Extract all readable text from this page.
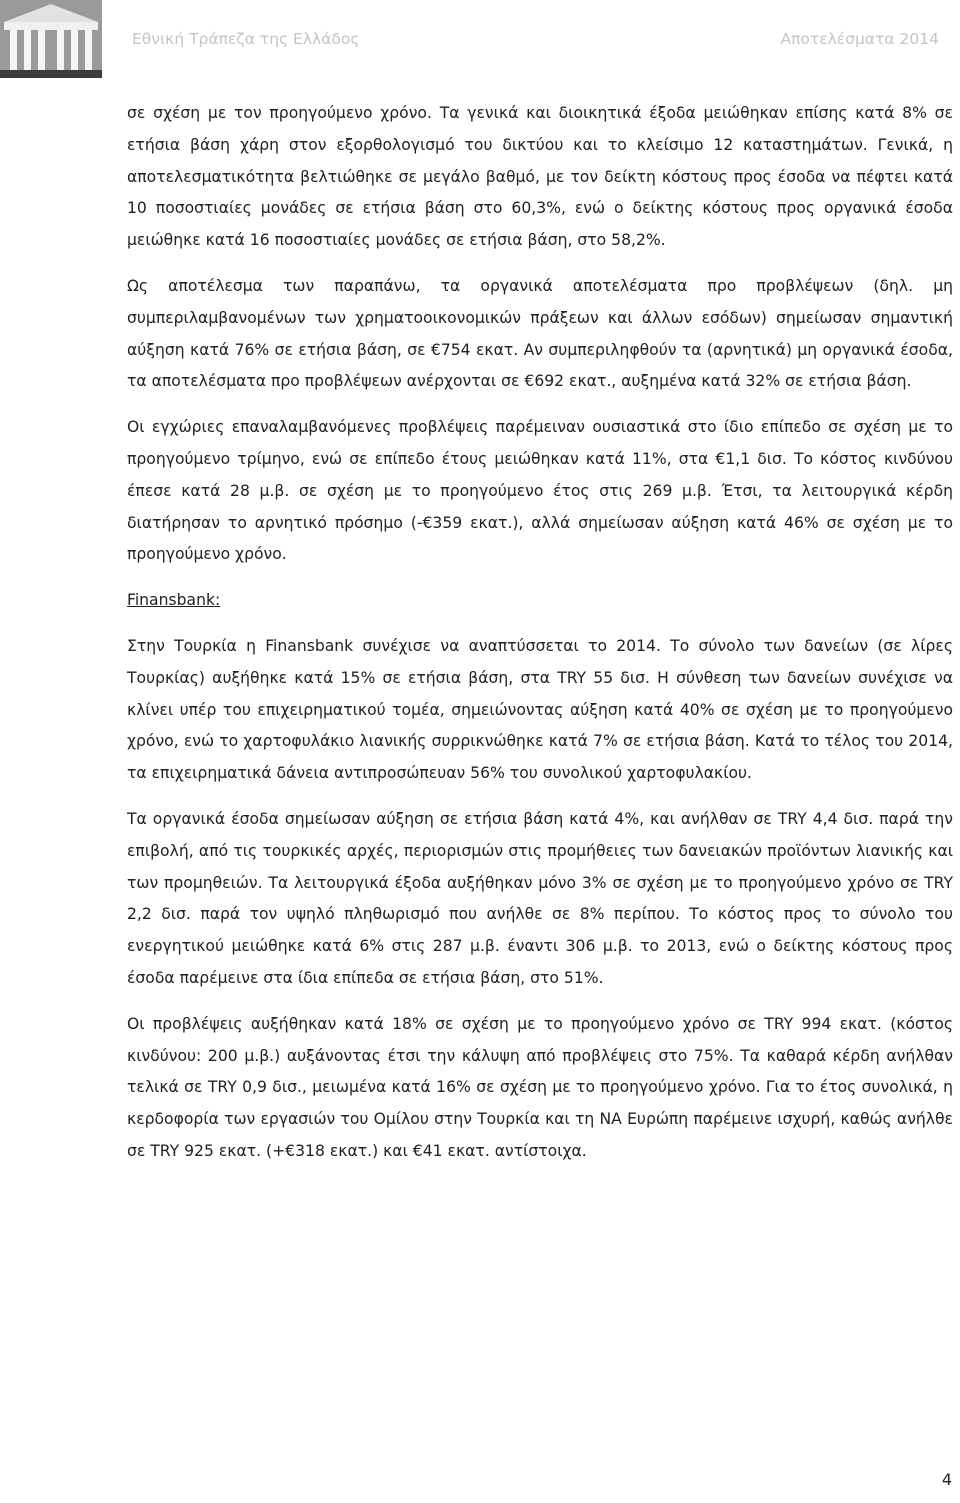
Εθνική Τράπεζα της Ελλάδος	Αποτελέσματα 2014

σε σχέση με τον προηγούμενο χρόνο. Τα γενικά και διοικητικά έξοδα μειώθηκαν επίσης κατά 8% σε ετήσια βάση χάρη στον εξορθολογισμό του δικτύου και το κλείσιμο 12 καταστημάτων. Γενικά, η αποτελεσματικότητα βελτιώθηκε σε μεγάλο βαθμό, με τον δείκτη κόστους προς έσοδα να πέφτει κατά 10 ποσοστιαίες μονάδες σε ετήσια βάση στο 60,3%, ενώ ο δείκτης κόστους προς οργανικά έσοδα μειώθηκε κατά 16 ποσοστιαίες μονάδες σε ετήσια βάση, στο 58,2%.

Ως αποτέλεσμα των παραπάνω, τα οργανικά αποτελέσματα προ προβλέψεων (δηλ. μη συμπεριλαμβανομένων των χρηματοοικονομικών πράξεων και άλλων εσόδων) σημείωσαν σημαντική αύξηση κατά 76% σε ετήσια βάση, σε €754 εκατ. Αν συμπεριληφθούν τα (αρνητικά) μη οργανικά έσοδα, τα αποτελέσματα προ προβλέψεων ανέρχονται σε €692 εκατ., αυξημένα κατά 32% σε ετήσια βάση.

Οι εγχώριες επαναλαμβανόμενες προβλέψεις παρέμειναν ουσιαστικά στο ίδιο επίπεδο σε σχέση με το προηγούμενο τρίμηνο, ενώ σε επίπεδο έτους μειώθηκαν κατά 11%, στα €1,1 δισ. Το κόστος κινδύνου έπεσε κατά 28 μ.β. σε σχέση με το προηγούμενο έτος στις 269 μ.β. Έτσι, τα λειτουργικά κέρδη διατήρησαν το αρνητικό πρόσημο (-€359 εκατ.), αλλά σημείωσαν αύξηση κατά 46% σε σχέση με το προηγούμενο χρόνο.

Finansbank:

Στην Τουρκία η Finansbank συνέχισε να αναπτύσσεται το 2014. Το σύνολο των δανείων (σε λίρες Τουρκίας) αυξήθηκε κατά 15% σε ετήσια βάση, στα TRY 55 δισ. Η σύνθεση των δανείων συνέχισε να κλίνει υπέρ του επιχειρηματικού τομέα, σημειώνοντας αύξηση κατά 40% σε σχέση με το προηγούμενο χρόνο, ενώ το χαρτοφυλάκιο λιανικής συρρικνώθηκε κατά 7% σε ετήσια βάση. Κατά το τέλος του 2014, τα επιχειρηματικά δάνεια αντιπροσώπευαν 56% του συνολικού χαρτοφυλακίου.

Τα οργανικά έσοδα σημείωσαν αύξηση σε ετήσια βάση κατά 4%, και ανήλθαν σε TRY 4,4 δισ. παρά την επιβολή, από τις τουρκικές αρχές, περιορισμών στις προμήθειες των δανειακών προϊόντων λιανικής και των προμηθειών. Τα λειτουργικά έξοδα αυξήθηκαν μόνο 3% σε σχέση με το προηγούμενο χρόνο σε TRY 2,2 δισ. παρά τον υψηλό πληθωρισμό που ανήλθε σε 8% περίπου. Το κόστος προς το σύνολο του ενεργητικού μειώθηκε κατά 6% στις 287 μ.β. έναντι 306 μ.β. το 2013, ενώ ο δείκτης κόστους προς έσοδα παρέμεινε στα ίδια επίπεδα σε ετήσια βάση, στο 51%.

Οι προβλέψεις αυξήθηκαν κατά 18% σε σχέση με το προηγούμενο χρόνο σε TRY 994 εκατ. (κόστος κινδύνου: 200 μ.β.) αυξάνοντας έτσι την κάλυψη από προβλέψεις στο 75%. Τα καθαρά κέρδη ανήλθαν τελικά σε TRY 0,9 δισ., μειωμένα κατά 16% σε σχέση με το προηγούμενο χρόνο. Για το έτος συνολικά, η κερδοφορία των εργασιών του Ομίλου στην Τουρκία και τη ΝΑ Ευρώπη παρέμεινε ισχυρή, καθώς ανήλθε σε TRY 925 εκατ. (+€318 εκατ.) και €41 εκατ. αντίστοιχα.

4
